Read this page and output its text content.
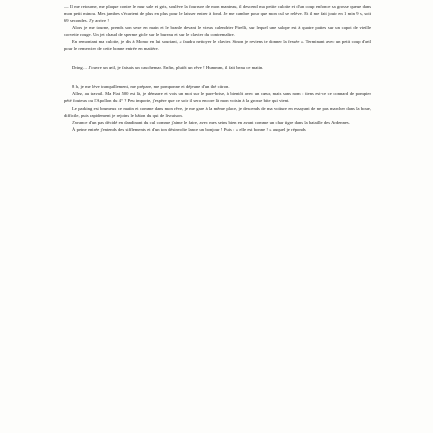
— Il me retourne, me plaque contre le mur sale et gris, soulève la fourrure de mon manteau, il descend ma petite culotte et d'un coup enfonce sa grosse queue dans mon petit minou. Mes jambes s'écartent de plus en plus pour le laisser entrer à fond. Je me cambre pour que mon cul se relève. Et il me fait jouir en 1 min 9 s, soit 69 secondes. J'y arrive !

Alors je me tourne, prends son sexe en main et le branle devant le vieux calendrier Pirelli, sur lequel une salope est à quatre pattes sur un capot de vieille corvette rouge. Un jet chaud de sperme gicle sur le bureau et sur le clavier du contremaître.

En remontant ma culotte, je dis à Momo en lui souriant, « faudra nettoyer le clavier. Sinon je reviens te donner la fessée ». Terminant avec un petit coup d'œil pour le remercier de cette bonne entrée en matière.

Dring… J'ouvre un œil, je faisais un cauchemar. Enfin, plutôt un rêve ! Hummm, il fait beau ce matin.

8 h, je me lève tranquillement, me prépare, me pomponne et déjeune d'un thé citron.

Allez, au travail. Ma Fiat 500 est là, je démarre et vois un mot sur le pare-brise, à bientôt avec un cœur, mais sans nom : tiens est-ce ce connard de pompier pété fouteux ou l'Apollon du 4° ? Peu importe, j'espère que ce soir il sera encore là mon voisin à la grosse bite qui vient.

Le parking est brumeux ce matin et comme dans mon rêve, je me gare à la même place, je descends de ma voiture en essayant de ne pas marcher dans la boue, difficile, puis rapidement je rejoins le bâton du qui de livraison.

J'avance d'un pas décidé en dandinant du cul comme j'aime le faire, avec mes seins bien en avant comme un char tigre dans la bataille des Ardennes.

À peine entrée j'entends des sifflements et d'un ton désinvolte lance un bonjour ! Puis : « elle est bonne ! » auquel je réponds
